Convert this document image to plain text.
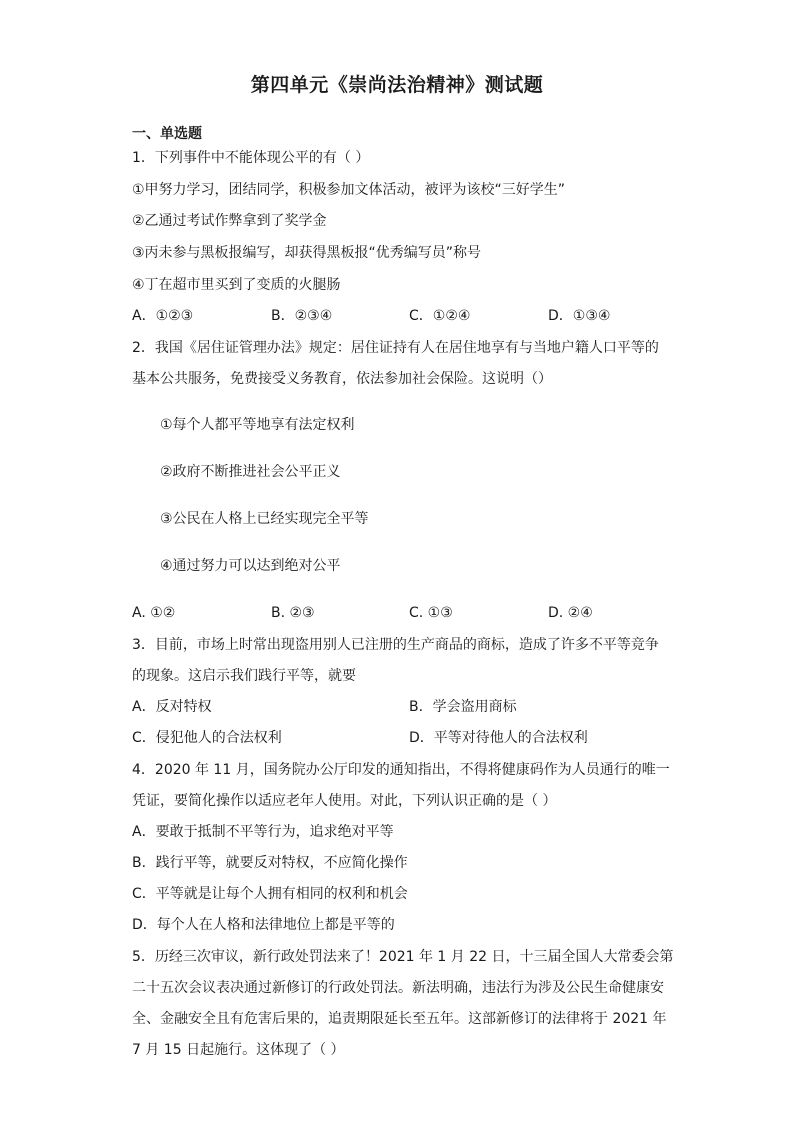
第四单元《崇尚法治精神》测试题
一、单选题
1．下列事件中不能体现公平的有（ ）
①甲努力学习，团结同学，积极参加文体活动，被评为该校“三好学生”
②乙通过考试作弊拿到了奖学金
③丙未参与黑板报编写，却获得黑板报“优秀编写员”称号
④丁在超市里买到了变质的火腿肠
A．①②③	B．②③④	C．①②④	D．①③④
2．我国《居住证管理办法》规定：居住证持有人在居住地享有与当地户籍人口平等的
基本公共服务，免费接受义务教育，依法参加社会保险。这说明（）
①每个人都平等地享有法定权利
②政府不断推进社会公平正义
③公民在人格上已经实现完全平等
④通过努力可以达到绝对公平
A. ①②	B. ②③	C. ①③	D. ②④
3．目前，市场上时常出现盗用别人已注册的生产商品的商标，造成了许多不平等竞争
的现象。这启示我们践行平等，就要
A．反对特权	B．学会盗用商标
C．侵犯他人的合法权利	D．平等对待他人的合法权利
4．2020 年 11 月，国务院办公厅印发的通知指出，不得将健康码作为人员通行的唯一
凭证，要简化操作以适应老年人使用。对此，下列认识正确的是（ ）
A．要敢于抵制不平等行为，追求绝对平等
B．践行平等，就要反对特权，不应简化操作
C．平等就是让每个人拥有相同的权利和机会
D．每个人在人格和法律地位上都是平等的
5．历经三次审议，新行政处罚法来了！2021 年 1 月 22 日，十三届全国人大常委会第
二十五次会议表决通过新修订的行政处罚法。新法明确，违法行为涉及公民生命健康安
全、金融安全且有危害后果的，追责期限延长至五年。这部新修订的法律将于 2021 年
7 月 15 日起施行。这体现了（ ）
